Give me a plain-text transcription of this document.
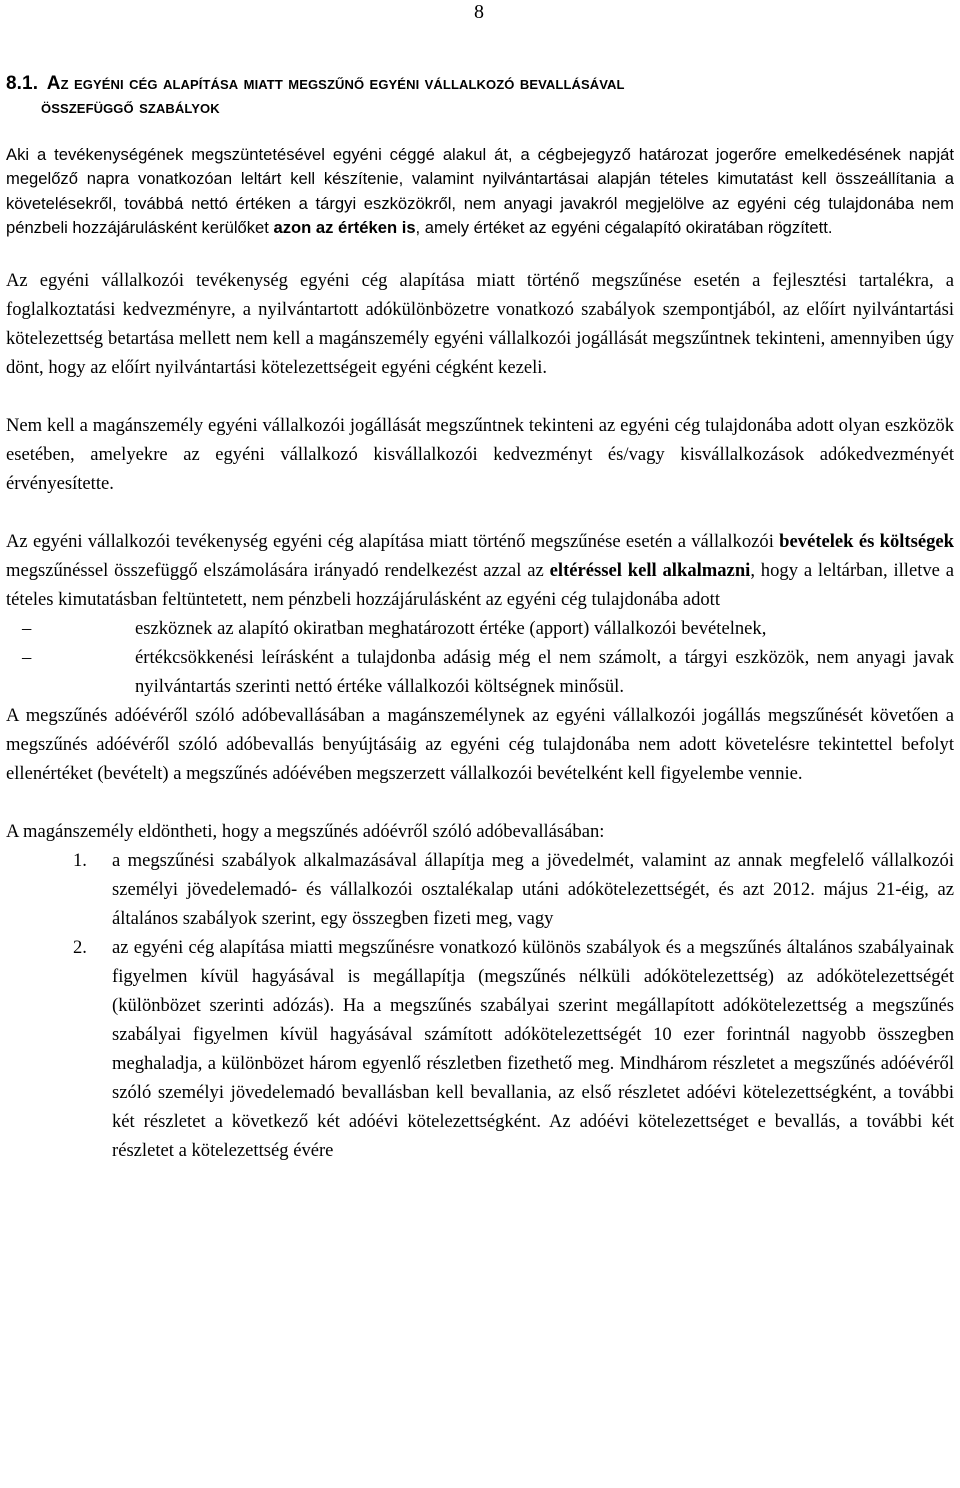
8
8.1. Az egyéni cég alapítása miatt megszűnő egyéni vállalkozó bevallásával
összefüggő szabályok

Aki a tevékenységének megszüntetésével egyéni céggé alakul át, a cégbejegyző határozat jogerőre emelkedésének napját megelőző napra vonatkozóan leltárt kell készítenie, valamint nyilvántartásai alapján tételes kimutatást kell összeállítania a követelésekről, továbbá nettó értéken a tárgyi eszközökről, nem anyagi javakról megjelölve az egyéni cég tulajdonába nem pénzbeli hozzájárulásként kerülőket azon az értéken is, amely értéket az egyéni cégalapító okiratában rögzített.

Az egyéni vállalkozói tevékenység egyéni cég alapítása miatt történő megszűnése esetén a fejlesztési tartalékra, a foglalkoztatási kedvezményre, a nyilvántartott adókülönbözetre vonatkozó szabályok szempontjából, az előírt nyilvántartási kötelezettség betartása mellett nem kell a magánszemély egyéni vállalkozói jogállását megszűntnek tekinteni, amennyiben úgy dönt, hogy az előírt nyilvántartási kötelezettségeit egyéni cégként kezeli.

Nem kell a magánszemély egyéni vállalkozói jogállását megszűntnek tekinteni az egyéni cég tulajdonába adott olyan eszközök esetében, amelyekre az egyéni vállalkozó kisvállalkozói kedvezményt és/vagy kisvállalkozások adókedvezményét érvényesítette.

Az egyéni vállalkozói tevékenység egyéni cég alapítása miatt történő megszűnése esetén a vállalkozói bevételek és költségek megszűnéssel összefüggő elszámolására irányadó rendelkezést azzal az eltéréssel kell alkalmazni, hogy a leltárban, illetve a tételes kimutatásban feltüntetett, nem pénzbeli hozzájárulásként az egyéni cég tulajdonába adott

–	eszköznek az alapító okiratban meghatározott értéke (apport) vállalkozói bevételnek,
–	értékcsökkenési leírásként a tulajdonba adásig még el nem számolt, a tárgyi eszközök, nem anyagi javak nyilvántartás szerinti nettó értéke vállalkozói költségnek minősül.

A megszűnés adóévéről szóló adóbevallásában a magánszemélynek az egyéni vállalkozói jogállás megszűnését követően a megszűnés adóévéről szóló adóbevallás benyújtásáig az egyéni cég tulajdonába nem adott követelésre tekintettel befolyt ellenértéket (bevételt) a megszűnés adóévében megszerzett vállalkozói bevételként kell figyelembe vennie.

A magánszemély eldöntheti, hogy a megszűnés adóévről szóló adóbevallásában:

1. a megszűnési szabályok alkalmazásával állapítja meg a jövedelmét, valamint az annak megfelelő vállalkozói személyi jövedelemadó- és vállalkozói osztalékalap utáni adókötelezettségét, és azt 2012. május 21-éig, az általános szabályok szerint, egy összegben fizeti meg, vagy
2. az egyéni cég alapítása miatti megszűnésre vonatkozó különös szabályok és a megszűnés általános szabályainak figyelmen kívül hagyásával is megállapítja (megszűnés nélküli adókötelezettség) az adókötelezettségét (különbözet szerinti adózás). Ha a megszűnés szabályai szerint megállapított adókötelezettség a megszűnés szabályai figyelmen kívül hagyásával számított adókötelezettségét 10 ezer forintnál nagyobb összegben meghaladja, a különbözet három egyenlő részletben fizethető meg. Mindhárom részletet a megszűnés adóévéről szóló személyi jövedelemadó bevallásban kell bevallania, az első részletet adóévi kötelezettségként, a további két részletet a következő két adóévi kötelezettségként. Az adóévi kötelezettséget e bevallás, a további két részletet a kötelezettség évére
